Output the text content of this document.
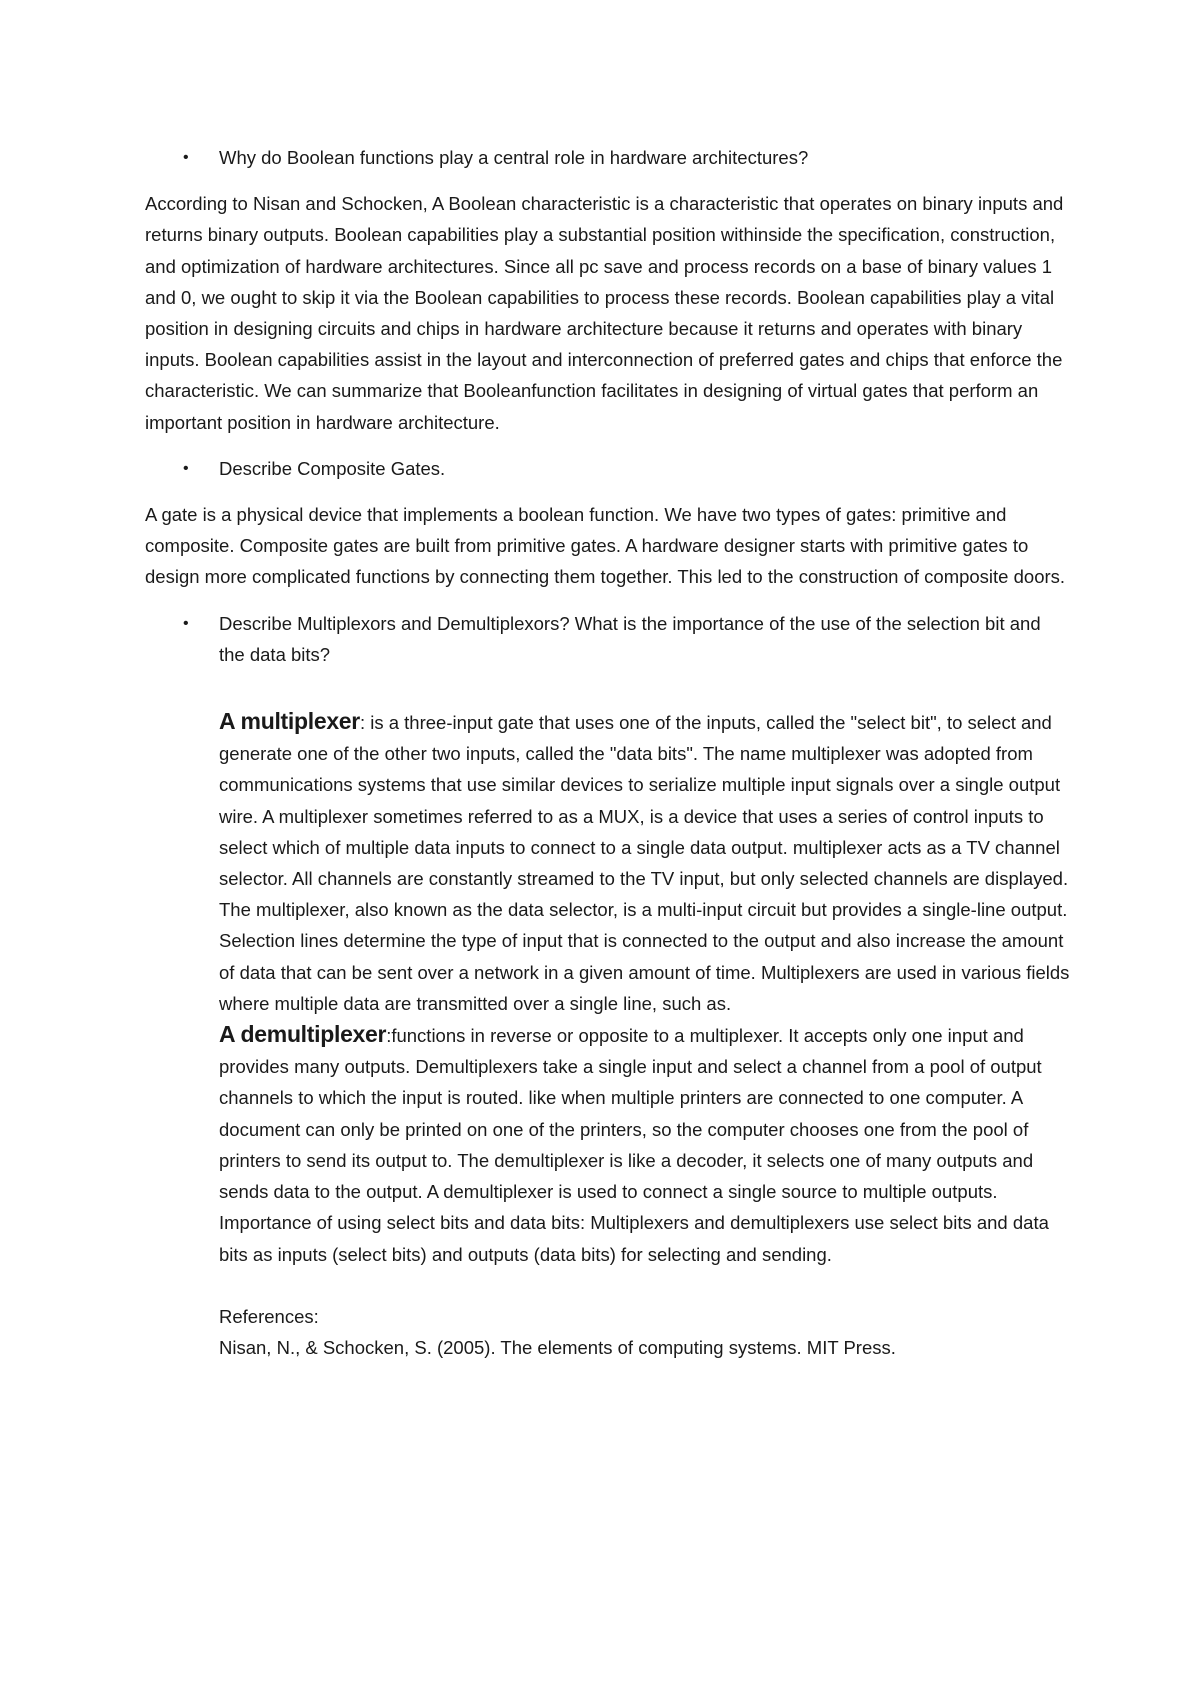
• Why do Boolean functions play a central role in hardware architectures?

According to Nisan and Schocken, A Boolean characteristic is a characteristic that operates on binary inputs and returns binary outputs. Boolean capabilities play a substantial position withinside the specification, construction, and optimization of hardware architectures. Since all pc save and process records on a base of binary values 1 and 0, we ought to skip it via the Boolean capabilities to process these records. Boolean capabilities play a vital position in designing circuits and chips in hardware architecture because it returns and operates with binary inputs. Boolean capabilities assist in the layout and interconnection of preferred gates and chips that enforce the characteristic. We can summarize that Booleanfunction facilitates in designing of virtual gates that perform an important position in hardware architecture.

• Describe Composite Gates.

A gate is a physical device that implements a boolean function. We have two types of gates: primitive and composite. Composite gates are built from primitive gates. A hardware designer starts with primitive gates to design more complicated functions by connecting them together. This led to the construction of composite doors.

• Describe Multiplexors and Demultiplexors? What is the importance of the use of the selection bit and the data bits?

A multiplexer: is a three-input gate that uses one of the inputs, called the "select bit", to select and generate one of the other two inputs, called the "data bits". The name multiplexer was adopted from communications systems that use similar devices to serialize multiple input signals over a single output wire. A multiplexer sometimes referred to as a MUX, is a device that uses a series of control inputs to select which of multiple data inputs to connect to a single data output. multiplexer acts as a TV channel selector. All channels are constantly streamed to the TV input, but only selected channels are displayed. The multiplexer, also known as the data selector, is a multi-input circuit but provides a single-line output. Selection lines determine the type of input that is connected to the output and also increase the amount of data that can be sent over a network in a given amount of time. Multiplexers are used in various fields where multiple data are transmitted over a single line, such as.

A demultiplexer:functions in reverse or opposite to a multiplexer. It accepts only one input and provides many outputs. Demultiplexers take a single input and select a channel from a pool of output channels to which the input is routed. like when multiple printers are connected to one computer. A document can only be printed on one of the printers, so the computer chooses one from the pool of printers to send its output to. The demultiplexer is like a decoder, it selects one of many outputs and sends data to the output. A demultiplexer is used to connect a single source to multiple outputs. Importance of using select bits and data bits: Multiplexers and demultiplexers use select bits and data bits as inputs (select bits) and outputs (data bits) for selecting and sending.

References:

Nisan, N., & Schocken, S. (2005). The elements of computing systems. MIT Press.
